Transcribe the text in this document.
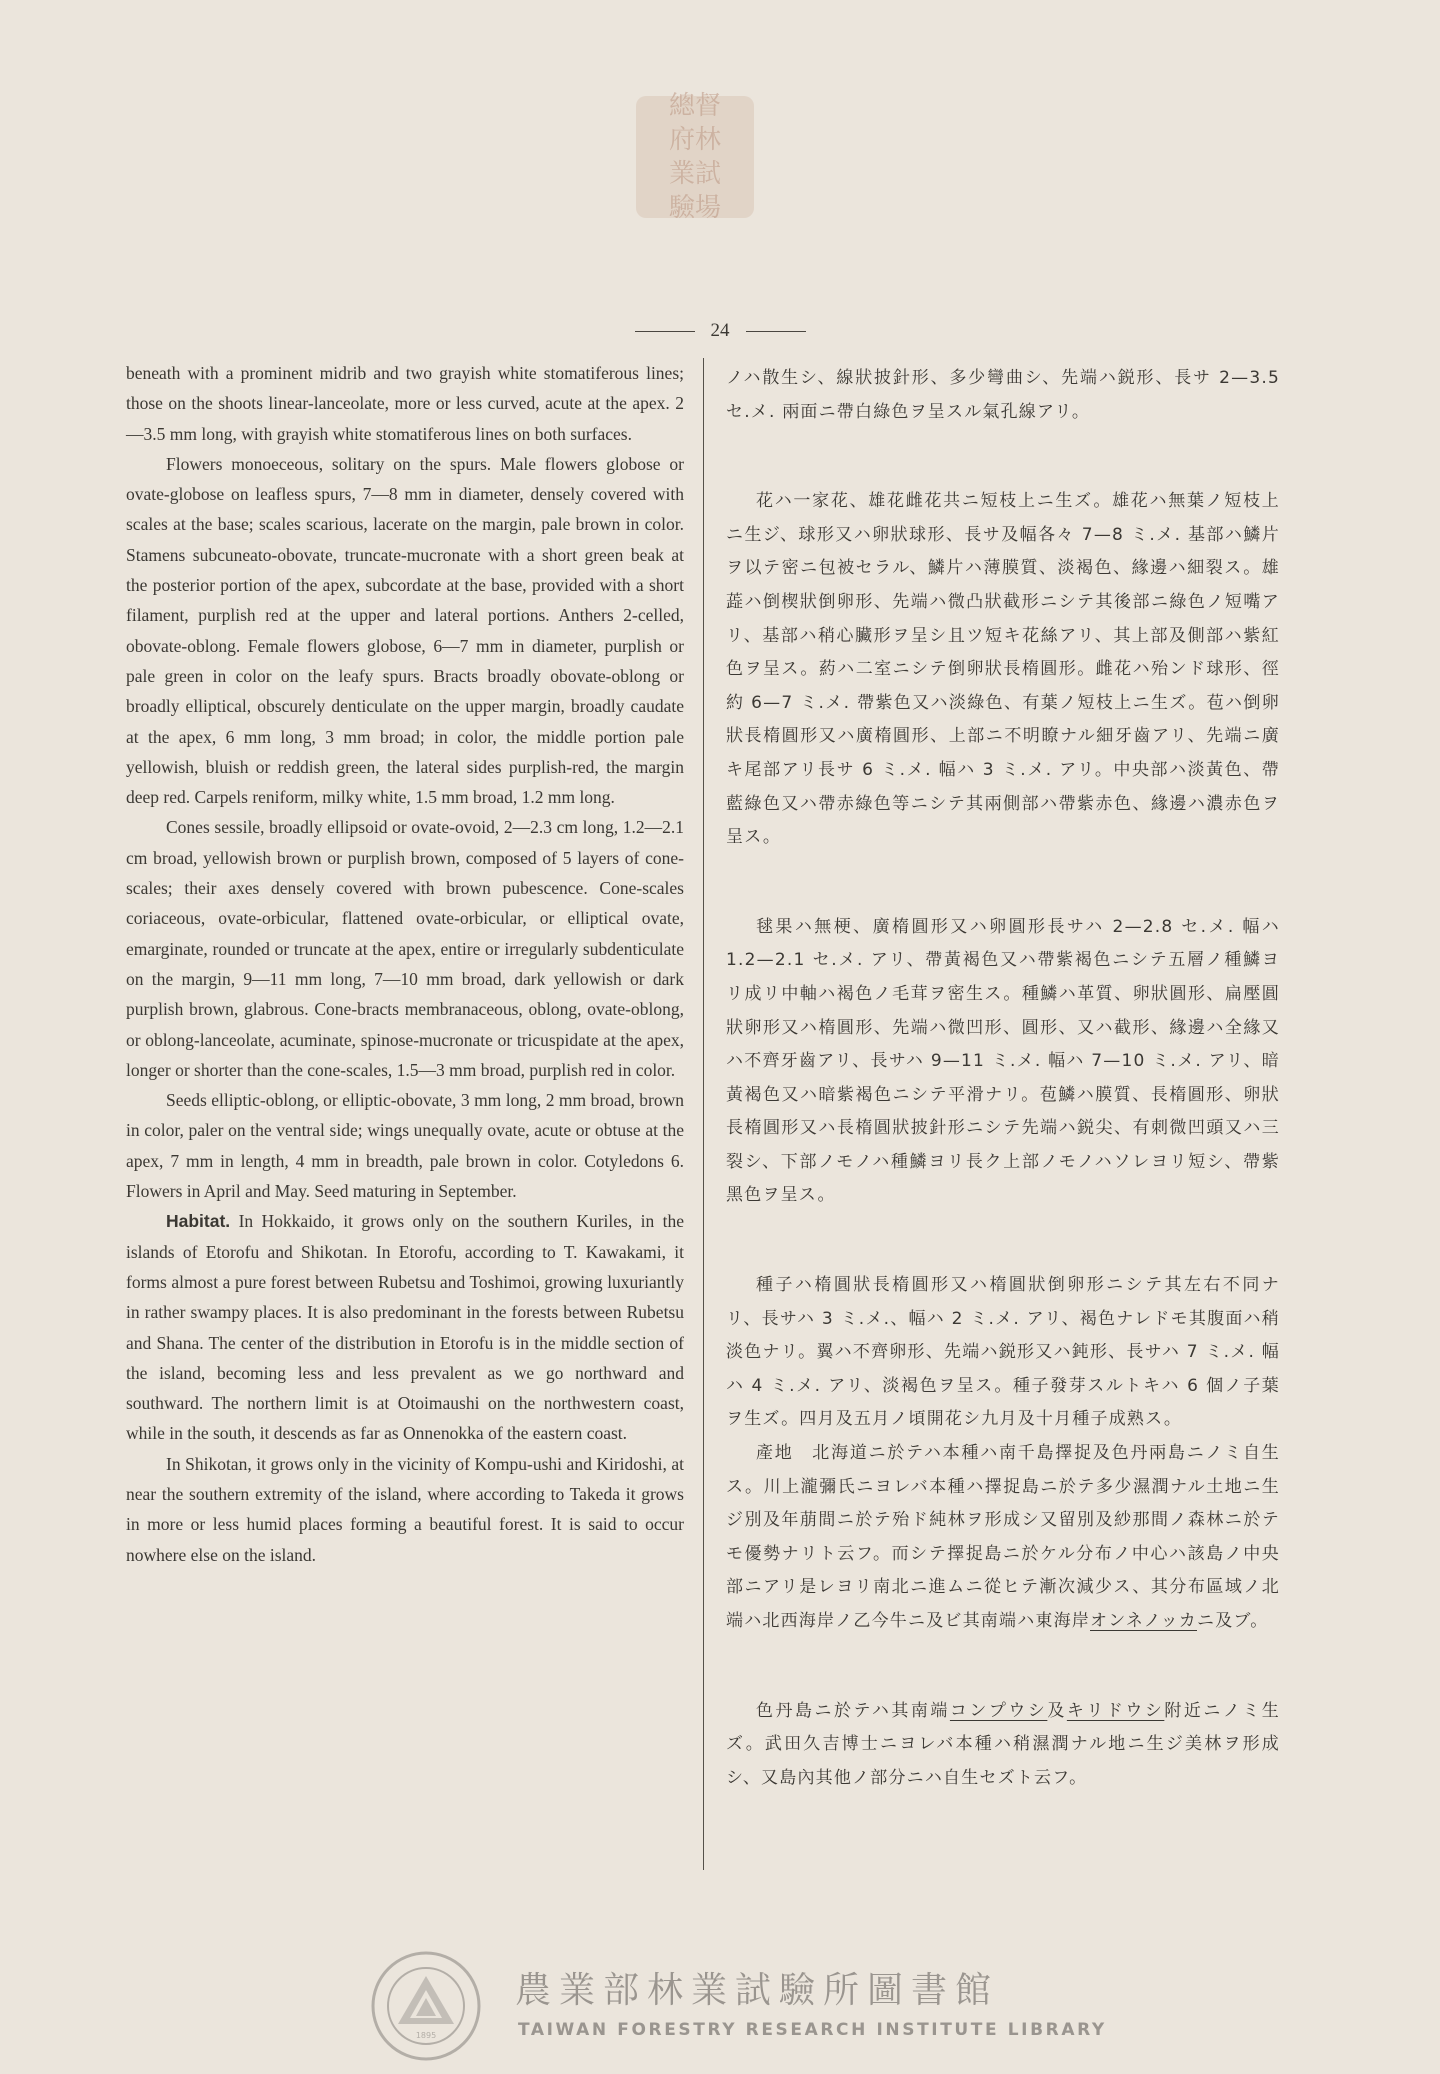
總督府林業試驗場
24

beneath with a prominent midrib and two grayish white stomatiferous lines; those on the shoots linear-lanceolate, more or less curved, acute at the apex. 2—3.5 mm long, with grayish white stomatiferous lines on both surfaces.

Flowers monoeceous, solitary on the spurs. Male flowers globose or ovate-globose on leafless spurs, 7—8 mm in diameter, densely covered with scales at the base; scales scarious, lacerate on the margin, pale brown in color. Stamens subcuneato-obovate, truncate-mucronate with a short green beak at the posterior portion of the apex, subcordate at the base, provided with a short filament, purplish red at the upper and lateral portions. Anthers 2-celled, obovate-oblong. Female flowers globose, 6—7 mm in diameter, purplish or pale green in color on the leafy spurs. Bracts broadly obovate-oblong or broadly elliptical, obscurely denticulate on the upper margin, broadly caudate at the apex, 6 mm long, 3 mm broad; in color, the middle portion pale yellowish, bluish or reddish green, the lateral sides purplish-red, the margin deep red. Carpels reniform, milky white, 1.5 mm broad, 1.2 mm long.

Cones sessile, broadly ellipsoid or ovate-ovoid, 2—2.3 cm long, 1.2—2.1 cm broad, yellowish brown or purplish brown, composed of 5 layers of cone-scales; their axes densely covered with brown pubescence. Cone-scales coriaceous, ovate-orbicular, flattened ovate-orbicular, or elliptical ovate, emarginate, rounded or truncate at the apex, entire or irregularly subdenticulate on the margin, 9—11 mm long, 7—10 mm broad, dark yellowish or dark purplish brown, glabrous. Cone-bracts membranaceous, oblong, ovate-oblong, or oblong-lanceolate, acuminate, spinose-mucronate or tricuspidate at the apex, longer or shorter than the cone-scales, 1.5—3 mm broad, purplish red in color.

Seeds elliptic-oblong, or elliptic-obovate, 3 mm long, 2 mm broad, brown in color, paler on the ventral side; wings unequally ovate, acute or obtuse at the apex, 7 mm in length, 4 mm in breadth, pale brown in color. Cotyledons 6. Flowers in April and May. Seed maturing in September.

Habitat. In Hokkaido, it grows only on the southern Kuriles, in the islands of Etorofu and Shikotan. In Etorofu, according to T. Kawakami, it forms almost a pure forest between Rubetsu and Toshimoi, growing luxuriantly in rather swampy places. It is also predominant in the forests between Rubetsu and Shana. The center of the distribution in Etorofu is in the middle section of the island, becoming less and less prevalent as we go northward and southward. The northern limit is at Otoimaushi on the northwestern coast, while in the south, it descends as far as Onnenokka of the eastern coast.

In Shikotan, it grows only in the vicinity of Kompu-ushi and Kiridoshi, at near the southern extremity of the island, where according to Takeda it grows in more or less humid places forming a beautiful forest. It is said to occur nowhere else on the island.

ノハ散生シ、線狀披針形、多少彎曲シ、先端ハ鋭形、長サ 2—3.5 セ.メ. 兩面ニ帶白綠色ヲ呈スル氣孔線アリ。

花ハ一家花、雄花雌花共ニ短枝上ニ生ズ。雄花ハ無葉ノ短枝上ニ生ジ、球形又ハ卵狀球形、長サ及幅各々 7—8 ミ.メ. 基部ハ鱗片ヲ以テ密ニ包被セラル、鱗片ハ薄膜質、淡褐色、緣邊ハ細裂ス。雄蕋ハ倒楔狀倒卵形、先端ハ微凸狀截形ニシテ其後部ニ綠色ノ短嘴アリ、基部ハ稍心臟形ヲ呈シ且ツ短キ花絲アリ、其上部及側部ハ紫紅色ヲ呈ス。葯ハ二室ニシテ倒卵狀長楕圓形。雌花ハ殆ンド球形、徑約 6—7 ミ.メ. 帶紫色又ハ淡綠色、有葉ノ短枝上ニ生ズ。苞ハ倒卵狀長楕圓形又ハ廣楕圓形、上部ニ不明瞭ナル細牙齒アリ、先端ニ廣キ尾部アリ長サ 6 ミ.メ. 幅ハ 3 ミ.メ. アリ。中央部ハ淡黃色、帶藍綠色又ハ帶赤綠色等ニシテ其兩側部ハ帶紫赤色、緣邊ハ濃赤色ヲ呈ス。

毬果ハ無梗、廣楕圓形又ハ卵圓形長サハ 2—2.8 セ.メ. 幅ハ 1.2—2.1 セ.メ. アリ、帶黃褐色又ハ帶紫褐色ニシテ五層ノ種鱗ヨリ成リ中軸ハ褐色ノ毛茸ヲ密生ス。種鱗ハ革質、卵狀圓形、扁壓圓狀卵形又ハ楕圓形、先端ハ微凹形、圓形、又ハ截形、緣邊ハ全緣又ハ不齊牙齒アリ、長サハ 9—11 ミ.メ. 幅ハ 7—10 ミ.メ. アリ、暗黃褐色又ハ暗紫褐色ニシテ平滑ナリ。苞鱗ハ膜質、長楕圓形、卵狀長楕圓形又ハ長楕圓狀披針形ニシテ先端ハ鋭尖、有刺微凹頭又ハ三裂シ、下部ノモノハ種鱗ヨリ長ク上部ノモノハソレヨリ短シ、帶紫黑色ヲ呈ス。

種子ハ楕圓狀長楕圓形又ハ楕圓狀倒卵形ニシテ其左右不同ナリ、長サハ 3 ミ.メ.、幅ハ 2 ミ.メ. アリ、褐色ナレドモ其腹面ハ稍淡色ナリ。翼ハ不齊卵形、先端ハ鋭形又ハ鈍形、長サハ 7 ミ.メ. 幅ハ 4 ミ.メ. アリ、淡褐色ヲ呈ス。種子發芽スルトキハ 6 個ノ子葉ヲ生ズ。四月及五月ノ頃開花シ九月及十月種子成熟ス。

產地　北海道ニ於テハ本種ハ南千島擇捉及色丹兩島ニノミ自生ス。川上瀧彌氏ニヨレバ本種ハ擇捉島ニ於テ多少濕潤ナル土地ニ生ジ別及年萠間ニ於テ殆ド純林ヲ形成シ又留別及紗那間ノ森林ニ於テモ優勢ナリト云フ。而シテ擇捉島ニ於ケル分布ノ中心ハ該島ノ中央部ニアリ是レヨリ南北ニ進ムニ從ヒテ漸次減少ス、其分布區域ノ北端ハ北西海岸ノ乙今牛ニ及ビ其南端ハ東海岸オンネノッカニ及ブ。

色丹島ニ於テハ其南端コンプウシ及キリドウシ附近ニノミ生ズ。武田久吉博士ニヨレバ本種ハ稍濕潤ナル地ニ生ジ美林ヲ形成シ、又島內其他ノ部分ニハ自生セズト云フ。

1895
農業部林業試驗所圖書館
TAIWAN FORESTRY RESEARCH INSTITUTE LIBRARY
